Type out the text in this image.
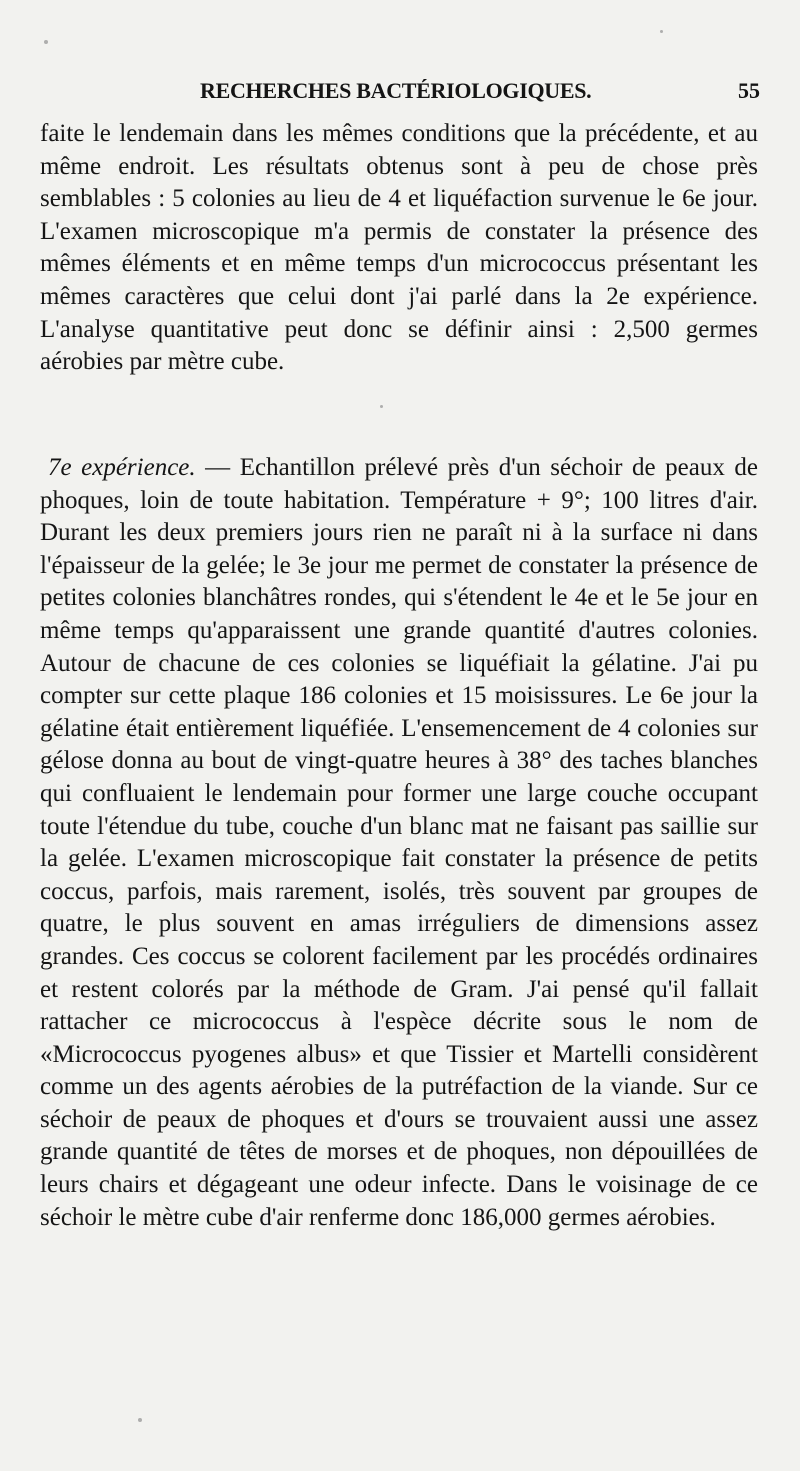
RECHERCHES BACTÉRIOLOGIQUES.	55

faite le lendemain dans les mêmes conditions que la précédente, et au même endroit. Les résultats obtenus sont à peu de chose près semblables : 5 colonies au lieu de 4 et liquéfaction survenue le 6e jour. L'examen microscopique m'a permis de constater la présence des mêmes éléments et en même temps d'un micrococcus présentant les mêmes caractères que celui dont j'ai parlé dans la 2e expérience. L'analyse quantitative peut donc se définir ainsi : 2,500 germes aérobies par mètre cube.

7e expérience. — Echantillon prélevé près d'un séchoir de peaux de phoques, loin de toute habitation. Température + 9°; 100 litres d'air. Durant les deux premiers jours rien ne paraît ni à la surface ni dans l'épaisseur de la gelée; le 3e jour me permet de constater la présence de petites colonies blanchâtres rondes, qui s'étendent le 4e et le 5e jour en même temps qu'apparaissent une grande quantité d'autres colonies. Autour de chacune de ces colonies se liquéfiait la gélatine. J'ai pu compter sur cette plaque 186 colonies et 15 moisissures. Le 6e jour la gélatine était entièrement liquéfiée. L'ensemencement de 4 colonies sur gélose donna au bout de vingt-quatre heures à 38° des taches blanches qui confluaient le lendemain pour former une large couche occupant toute l'étendue du tube, couche d'un blanc mat ne faisant pas saillie sur la gelée. L'examen microscopique fait constater la présence de petits coccus, parfois, mais rarement, isolés, très souvent par groupes de quatre, le plus souvent en amas irréguliers de dimensions assez grandes. Ces coccus se colorent facilement par les procédés ordinaires et restent colorés par la méthode de Gram. J'ai pensé qu'il fallait rattacher ce micrococcus à l'espèce décrite sous le nom de «Micrococcus pyogenes albus» et que Tissier et Martelli considèrent comme un des agents aérobies de la putréfaction de la viande. Sur ce séchoir de peaux de phoques et d'ours se trouvaient aussi une assez grande quantité de têtes de morses et de phoques, non dépouillées de leurs chairs et dégageant une odeur infecte. Dans le voisinage de ce séchoir le mètre cube d'air renferme donc 186,000 germes aérobies.
